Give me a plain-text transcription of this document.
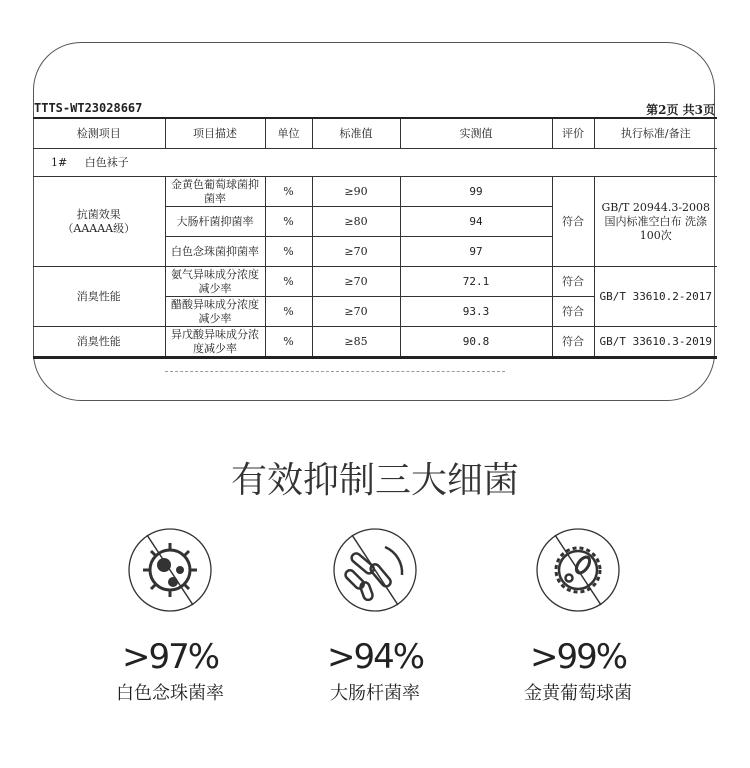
TTTS-WT23028667	第2页 共3页
检测项目	项目描述	单位	标准值	实测值	评价	执行标准/备注
1# 白色袜子						
抗菌效果
（AAAAA级）	金黄色葡萄球菌抑菌率	%	≥90	99	符合	GB/T 20944.3-2008 国内标准空白布 洗涤100次
	大肠杆菌抑菌率	%	≥80	94		
	白色念珠菌抑菌率	%	≥70	97		
消臭性能	氨气异味成分浓度减少率	%	≥70	72.1	符合	GB/T 33610.2-2017
	醋酸异味成分浓度减少率	%	≥70	93.3	符合	
消臭性能	异戊酸异味成分浓度减少率	%	≥85	90.8	符合	GB/T 33610.3-2019
有效抑制三大细菌
>97%
白色念珠菌率
>94%
大肠杆菌率
>99%
金黄葡萄球菌
